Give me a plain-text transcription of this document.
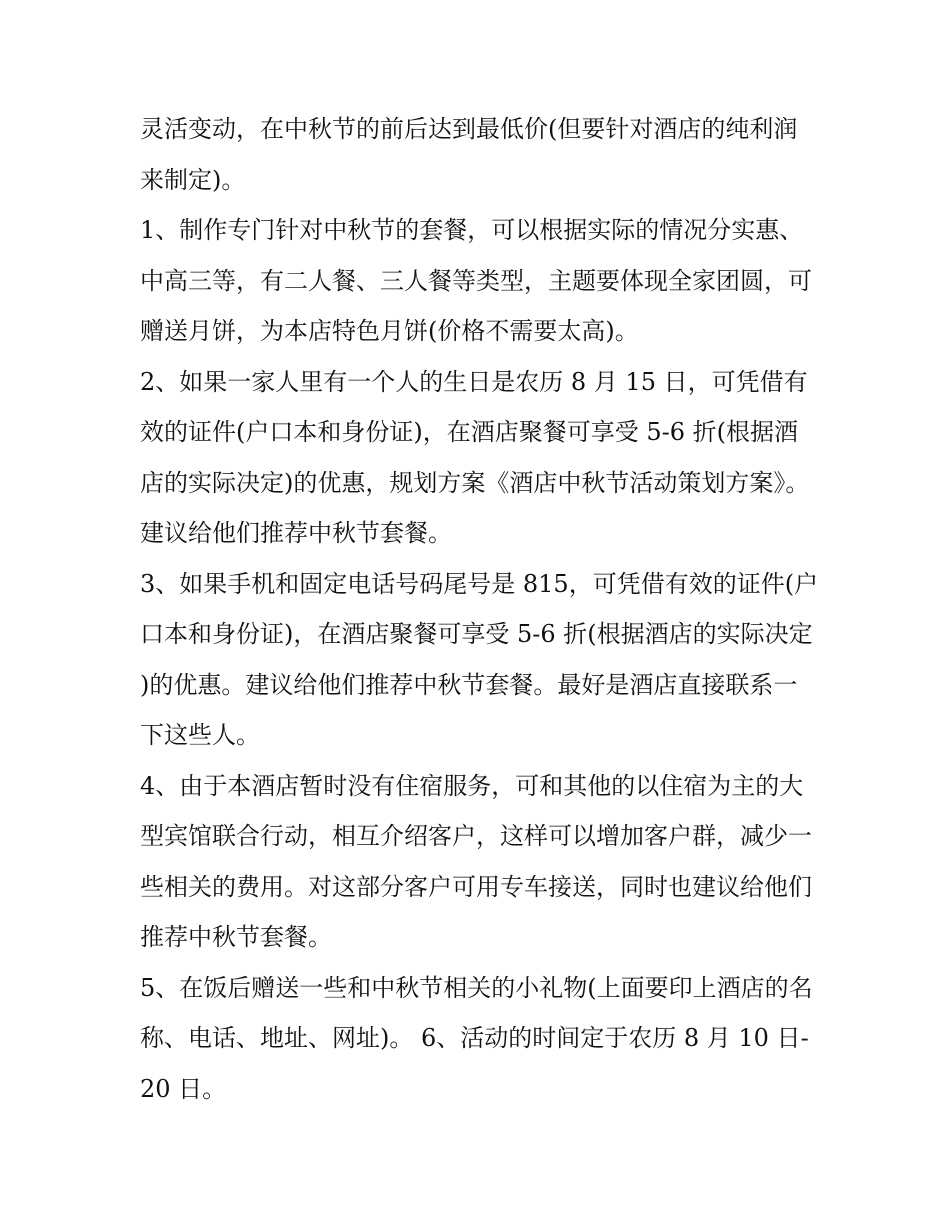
灵活变动，在中秋节的前后达到最低价(但要针对酒店的纯利润来制定)。

1、制作专门针对中秋节的套餐，可以根据实际的情况分实惠、中高三等，有二人餐、三人餐等类型，主题要体现全家团圆，可赠送月饼，为本店特色月饼(价格不需要太高)。

2、如果一家人里有一个人的生日是农历 8 月 15 日，可凭借有效的证件(户口本和身份证)，在酒店聚餐可享受 5-6 折(根据酒店的实际决定)的优惠，规划方案《酒店中秋节活动策划方案》。建议给他们推荐中秋节套餐。

3、如果手机和固定电话号码尾号是 815，可凭借有效的证件(户口本和身份证)，在酒店聚餐可享受 5-6 折(根据酒店的实际决定)的优惠。建议给他们推荐中秋节套餐。最好是酒店直接联系一下这些人。

4、由于本酒店暂时没有住宿服务，可和其他的以住宿为主的大型宾馆联合行动，相互介绍客户，这样可以增加客户群，减少一些相关的费用。对这部分客户可用专车接送，同时也建议给他们推荐中秋节套餐。

5、在饭后赠送一些和中秋节相关的小礼物(上面要印上酒店的名称、电话、地址、网址)。 6、活动的时间定于农历 8 月 10 日-20 日。
